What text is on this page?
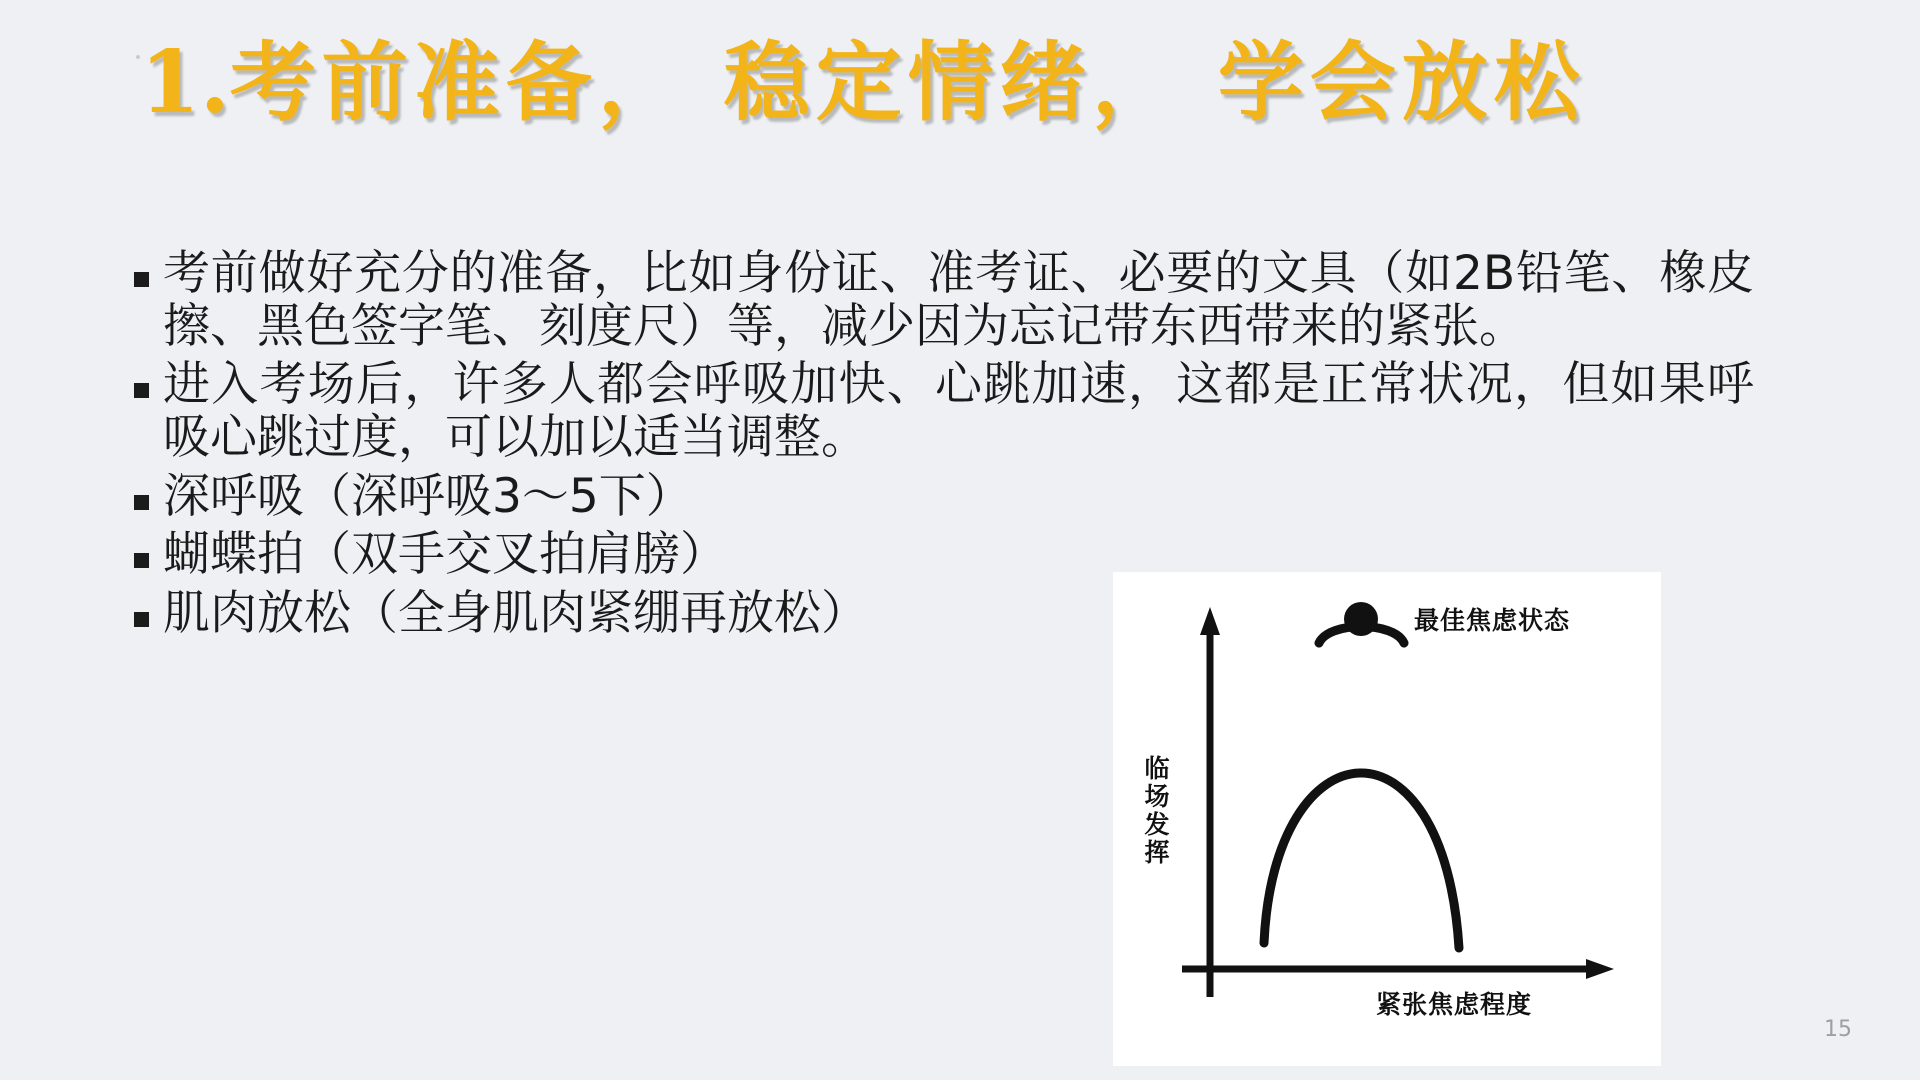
1.考前准备， 稳定情绪， 学会放松
考前做好充分的准备，比如身份证、准考证、必要的文具（如2B铅笔、橡皮擦、黑色签字笔、刻度尺）等，减少因为忘记带东西带来的紧张。
进入考场后，许多人都会呼吸加快、心跳加速，这都是正常状况，但如果呼吸心跳过度，可以加以适当调整。
深呼吸（深呼吸3～5下）
蝴蝶拍（双手交叉拍肩膀）
肌肉放松（全身肌肉紧绷再放松）	最佳焦虑状态
紧张焦虑程度
临场发挥
15
